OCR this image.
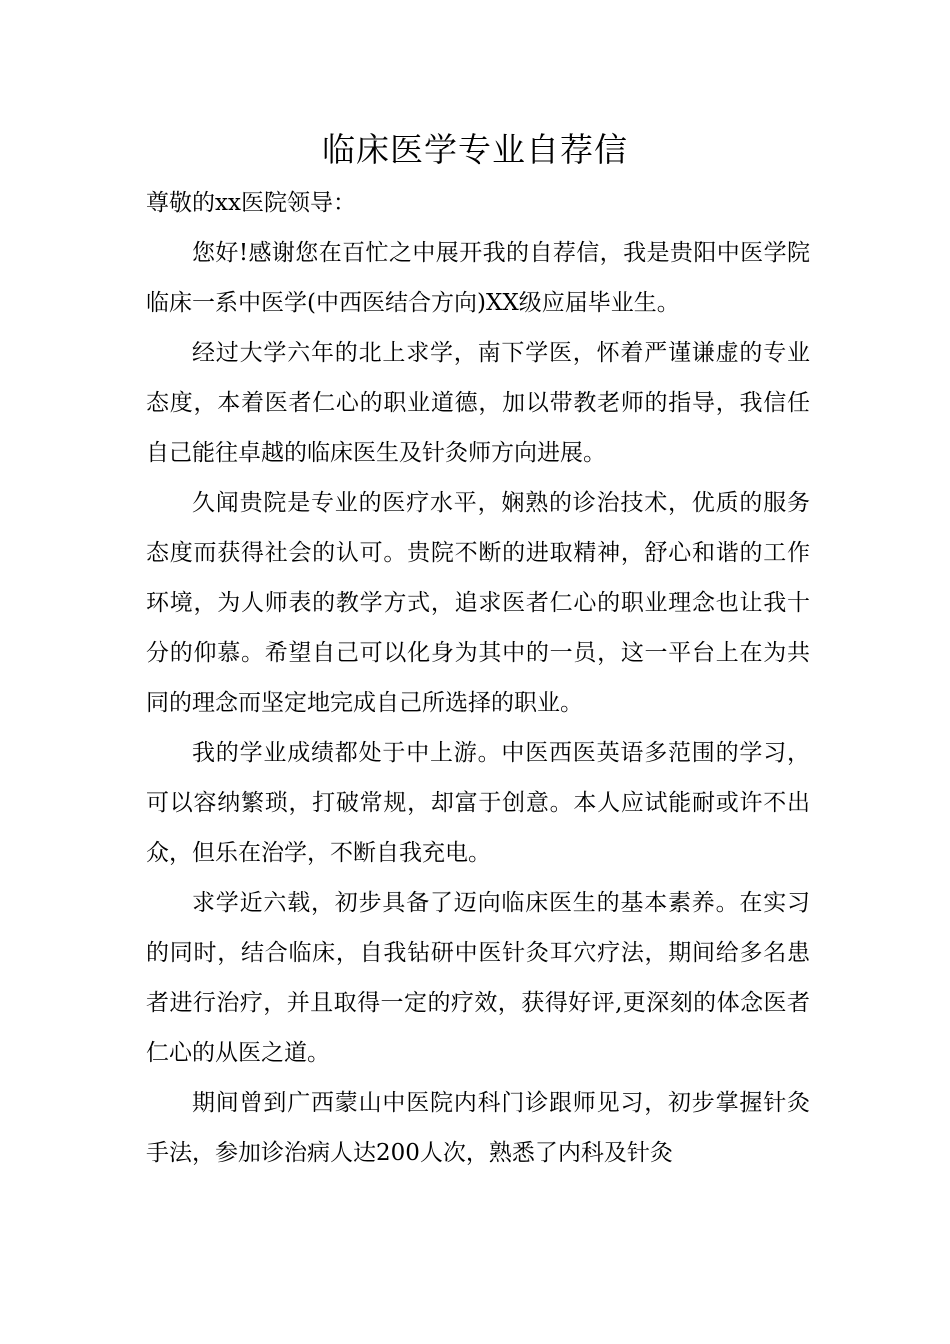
临床医学专业自荐信

尊敬的xx医院领导：

您好!感谢您在百忙之中展开我的自荐信，我是贵阳中医学院临床一系中医学(中西医结合方向)XX级应届毕业生。

经过大学六年的北上求学，南下学医，怀着严谨谦虚的专业态度，本着医者仁心的职业道德，加以带教老师的指导，我信任自己能往卓越的临床医生及针灸师方向进展。

久闻贵院是专业的医疗水平，娴熟的诊治技术，优质的服务态度而获得社会的认可。贵院不断的进取精神，舒心和谐的工作环境，为人师表的教学方式，追求医者仁心的职业理念也让我十分的仰慕。希望自己可以化身为其中的一员，这一平台上在为共同的理念而坚定地完成自己所选择的职业。

我的学业成绩都处于中上游。中医西医英语多范围的学习，可以容纳繁琐，打破常规，却富于创意。本人应试能耐或许不出众，但乐在治学，不断自我充电。

求学近六载，初步具备了迈向临床医生的基本素养。在实习的同时，结合临床，自我钻研中医针灸耳穴疗法，期间给多名患者进行治疗，并且取得一定的疗效，获得好评,更深刻的体念医者仁心的从医之道。

期间曾到广西蒙山中医院内科门诊跟师见习，初步掌握针灸手法，参加诊治病人达200人次，熟悉了内科及针灸
